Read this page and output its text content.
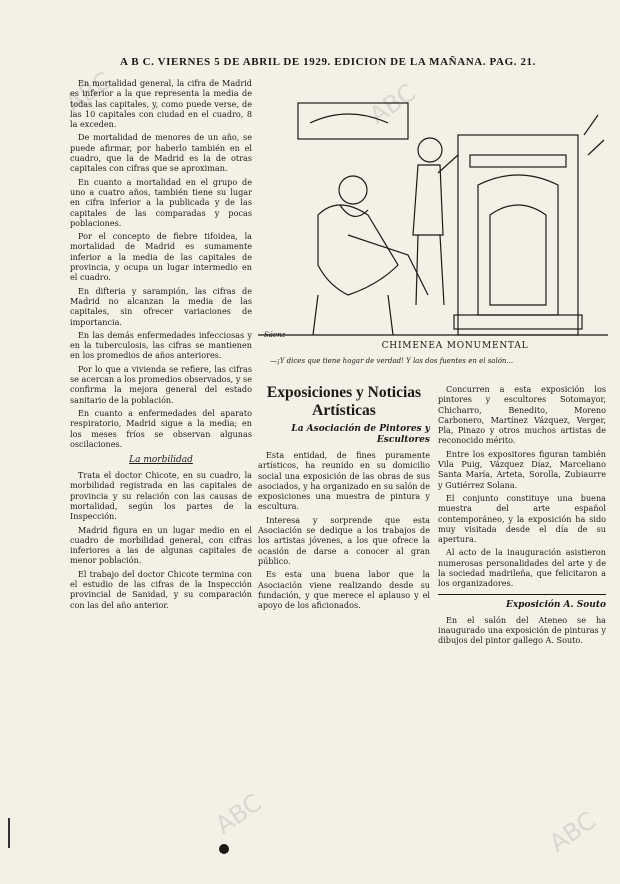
A B C. VIERNES 5 DE ABRIL DE 1929. EDICION DE LA MAÑANA. PAG. 21.
ABC	ABC
ABC	ABC

En mortalidad general, la cifra de Madrid es inferior a la que representa la media de todas las capitales, y, como puede verse, de las 10 capitales con ciudad en el cuadro, 8 la exceden.

De mortalidad de menores de un año, se puede afirmar, por haberlo también en el cuadro, que la de Madrid es la de otras capitales con cifras que se aproximan.

En cuanto a mortalidad en el grupo de uno a cuatro años, también tiene su lugar en cifra inferior a la publicada y de las capitales de las comparadas y pocas poblaciones.

Por el concepto de fiebre tifoidea, la mortalidad de Madrid es sumamente inferior a la media de las capitales de provincia, y ocupa un lugar intermedio en el cuadro.

En difteria y sarampión, las cifras de Madrid no alcanzan la media de las capitales, sin ofrecer variaciones de importancia.

En las demás enfermedades infecciosas y en la tuberculosis, las cifras se mantienen en los promedios de años anteriores.

Por lo que a vivienda se refiere, las cifras se acercan a los promedios observados, y se confirma la mejora general del estado sanitario de la población.

En cuanto a enfermedades del aparato respiratorio, Madrid sigue a la media; en los meses fríos se observan algunas oscilaciones.

La morbilidad

Trata el doctor Chicote, en su cuadro, la morbilidad registrada en las capitales de provincia y su relación con las causas de mortalidad, según los partes de la Inspección.

Madrid figura en un lugar medio en el cuadro de morbilidad general, con cifras inferiores a las de algunas capitales de menor población.

El trabajo del doctor Chicote termina con el estudio de las cifras de la Inspección provincial de Sanidad, y su comparación con las del año anterior.

Sáenz
CHIMENEA MONUMENTAL
—¡Y dices que tiene hogar de verdad! Y las dos fuentes en el salón...
Exposiciones y Noticias Artísticas
La Asociación de Pintores y Escultores

Esta entidad, de fines puramente artísticos, ha reunido en su domicilio social una exposición de las obras de sus asociados, y ha organizado en su salón de exposiciones una muestra de pintura y escultura.

Interesa y sorprende que esta Asociación se dedique a los trabajos de los artistas jóvenes, a los que ofrece la ocasión de darse a conocer al gran público.

Es esta una buena labor que la Asociación viene realizando desde su fundación, y que merece el aplauso y el apoyo de los aficionados.

Concurren a esta exposición los pintores y escultores Sotomayor, Chicharro, Benedito, Moreno Carbonero, Martínez Vázquez, Verger, Pla, Pinazo y otros muchos artistas de reconocido mérito.

Entre los expositores figuran también Vila Puig, Vázquez Díaz, Marceliano Santa María, Arteta, Sorolla, Zubiaurre y Gutiérrez Solana.

El conjunto constituye una buena muestra del arte español contemporáneo, y la exposición ha sido muy visitada desde el día de su apertura.

Al acto de la inauguración asistieron numerosas personalidades del arte y de la sociedad madrileña, que felicitaron a los organizadores.

Exposición A. Souto

En el salón del Ateneo se ha inaugurado una exposición de pinturas y dibujos del pintor gallego A. Souto.
